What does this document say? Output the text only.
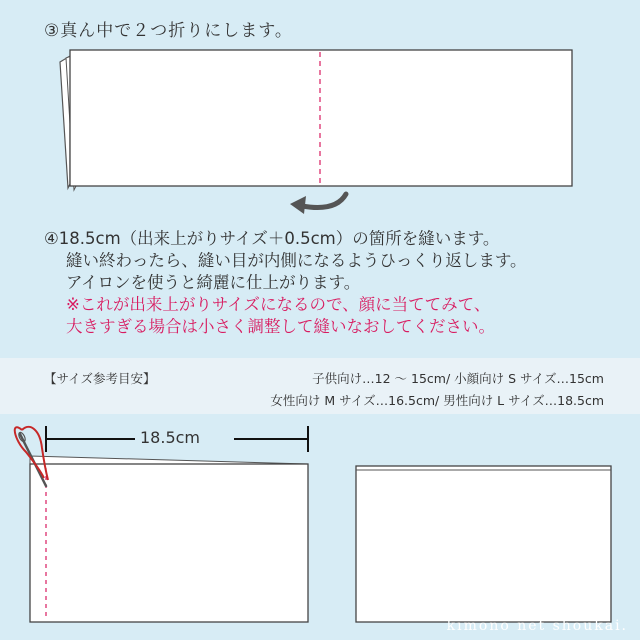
③真ん中で２つ折りにします。
④18.5cm（出来上がりサイズ＋0.5cm）の箇所を縫います。
縫い終わったら、縫い目が内側になるようひっくり返します。
アイロンを使うと綺麗に仕上がります。
※これが出来上がりサイズになるので、顔に当ててみて、
大きすぎる場合は小さく調整して縫いなおしてください。
【サイズ参考目安】	子供向け…12 ～ 15cm/ 小顔向け S サイズ…15cm
女性向け M サイズ…16.5cm/ 男性向け L サイズ…18.5cm
18.5cm
kimono net shoukai.
